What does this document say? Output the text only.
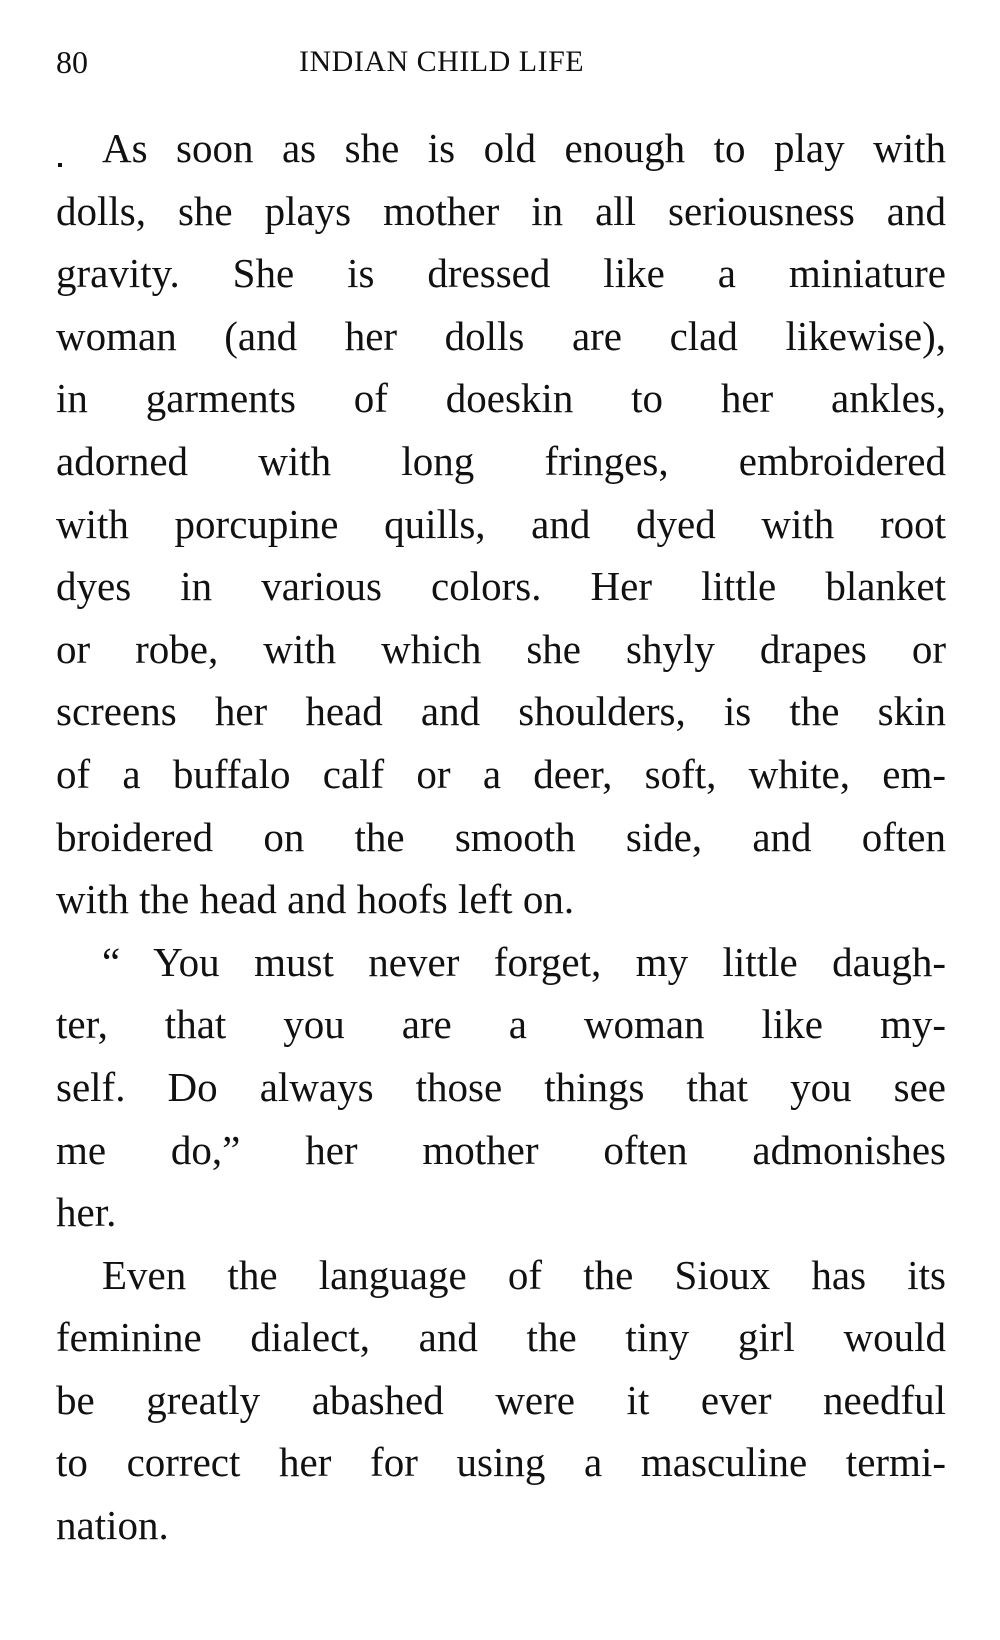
80	INDIAN CHILD LIFE
As soon as she is old enough to play with
dolls, she plays mother in all seriousness and
gravity. She is dressed like a miniature
woman (and her dolls are clad likewise),
in garments of doeskin to her ankles,
adorned with long fringes, embroidered
with porcupine quills, and dyed with root
dyes in various colors. Her little blanket
or robe, with which she shyly drapes or
screens her head and shoulders, is the skin
of a buffalo calf or a deer, soft, white, em-
broidered on the smooth side, and often
with the head and hoofs left on.
“ You must never forget, my little daugh-
ter, that you are a woman like my-
self. Do always those things that you see
me do,” her mother often admonishes
her.
Even the language of the Sioux has its
feminine dialect, and the tiny girl would
be greatly abashed were it ever needful
to correct her for using a masculine termi-
nation.
